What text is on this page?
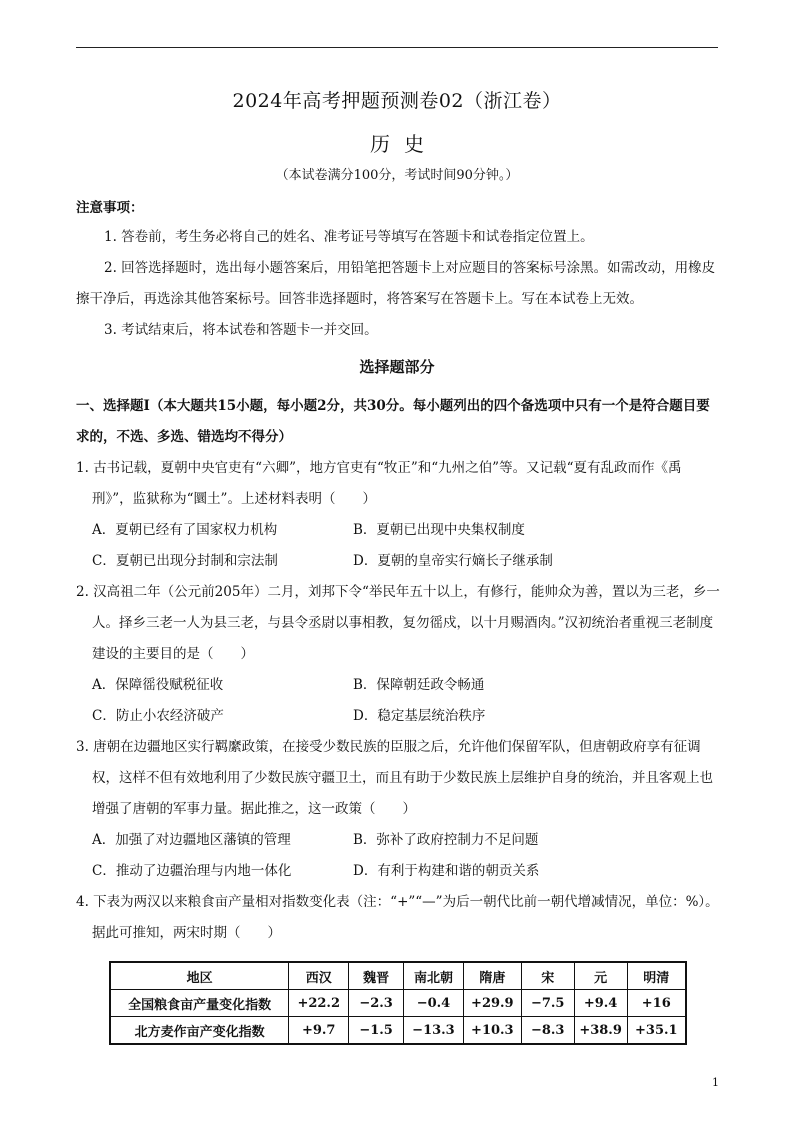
2024年高考押题预测卷02（浙江卷）
历史
（本试卷满分100分，考试时间90分钟。）
注意事项：
1. 答卷前，考生务必将自己的姓名、准考证号等填写在答题卡和试卷指定位置上。
2. 回答选择题时，选出每小题答案后，用铅笔把答题卡上对应题目的答案标号涂黑。如需改动，用橡皮擦干净后，再选涂其他答案标号。回答非选择题时，将答案写在答题卡上。写在本试卷上无效。
3. 考试结束后，将本试卷和答题卡一并交回。
选择题部分
一、选择题Ⅰ（本大题共15小题，每小题2分，共30分。每小题列出的四个备选项中只有一个是符合题目要求的，不选、多选、错选均不得分）
1. 古书记载，夏朝中央官吏有“六卿”，地方官吏有“牧正”和“九州之伯”等。又记载“夏有乱政而作《禹刑》”，监狱称为“圜土”。上述材料表明（　　）
A．夏朝已经有了国家权力机构	B．夏朝已出现中央集权制度
C．夏朝已出现分封制和宗法制	D．夏朝的皇帝实行嫡长子继承制
2. 汉高祖二年（公元前205年）二月，刘邦下令“举民年五十以上，有修行，能帅众为善，置以为三老，乡一人。择乡三老一人为县三老，与县令丞尉以事相教，复勿徭戍，以十月赐酒肉。”汉初统治者重视三老制度建设的主要目的是（　　）
A．保障徭役赋税征收	B．保障朝廷政令畅通
C．防止小农经济破产	D．稳定基层统治秩序
3. 唐朝在边疆地区实行羁縻政策，在接受少数民族的臣服之后，允许他们保留军队，但唐朝政府享有征调权，这样不但有效地利用了少数民族守疆卫土，而且有助于少数民族上层维护自身的统治，并且客观上也增强了唐朝的军事力量。据此推之，这一政策（　　）
A．加强了对边疆地区藩镇的管理	B．弥补了政府控制力不足问题
C．推动了边疆治理与内地一体化	D．有利于构建和谐的朝贡关系
4. 下表为两汉以来粮食亩产量相对指数变化表（注：“+”“—”为后一朝代比前一朝代增减情况，单位：%）。据此可推知，两宋时期（　　）
地区	西汉	魏晋	南北朝	隋唐	宋	元	明清
全国粮食亩产量变化指数	+22.2	−2.3	−0.4	+29.9	−7.5	+9.4	+16
北方麦作亩产变化指数	+9.7	−1.5	−13.3	+10.3	−8.3	+38.9	+35.1
1
